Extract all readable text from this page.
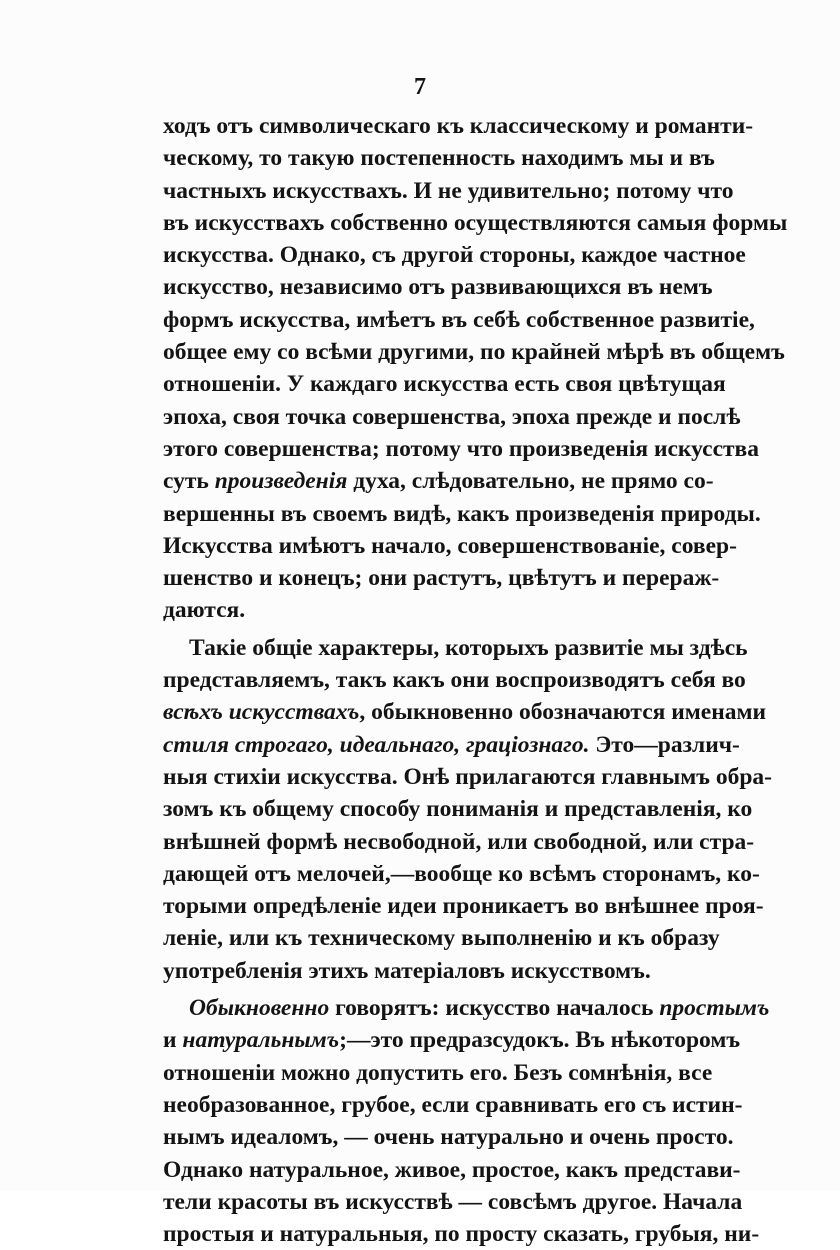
7
ходъ отъ символическаго къ классическому и романти-
ческому, то такую постепенность находимъ мы и въ
частныхъ искусствахъ. И не удивительно; потому что
въ искусствахъ собственно осуществляются самыя формы
искусства. Однако, съ другой стороны, каждое частное
искусство, независимо отъ развивающихся въ немъ
формъ искусства, имѣетъ въ себѣ собственное развитіе,
общее ему со всѣми другими, по крайней мѣрѣ въ общемъ
отношеніи. У каждаго искусства есть своя цвѣтущая
эпоха, своя точка совершенства, эпоха прежде и послѣ
этого совершенства; потому что произведенія искусства
суть произведенія духа, слѣдовательно, не прямо со-
вершенны въ своемъ видѣ, какъ произведенія природы.
Искусства имѣютъ начало, совершенствованіе, совер-
шенство и конецъ; они растутъ, цвѣтутъ и перераж-
даются.
Такіе общіе характеры, которыхъ развитіе мы здѣсь
представляемъ, такъ какъ они воспроизводятъ себя во
всѣхъ искусствахъ, обыкновенно обозначаются именами
стиля строгаго, идеальнаго, граціознаго. Это—различ-
ныя стихіи искусства. Онѣ прилагаются главнымъ обра-
зомъ къ общему способу пониманія и представленія, ко
внѣшней формѣ несвободной, или свободной, или стра-
дающей отъ мелочей,—вообще ко всѣмъ сторонамъ, ко-
торыми опредѣленіе идеи проникаетъ во внѣшнее проя-
леніе, или къ техническому выполненію и къ образу
употребленія этихъ матеріаловъ искусствомъ.
Обыкновенно говорятъ: искусство началось простымъ
и натуральнымъ;—это предразсудокъ. Въ нѣкоторомъ
отношеніи можно допустить его. Безъ сомнѣнія, все
необразованное, грубое, если сравнивать его съ истин-
нымъ идеаломъ, — очень натурально и очень просто.
Однако натуральное, живое, простое, какъ представи-
тели красоты въ искусствѣ — совсѣмъ другое. Начала
простыя и натуральныя, по просту сказать, грубыя, ни-
